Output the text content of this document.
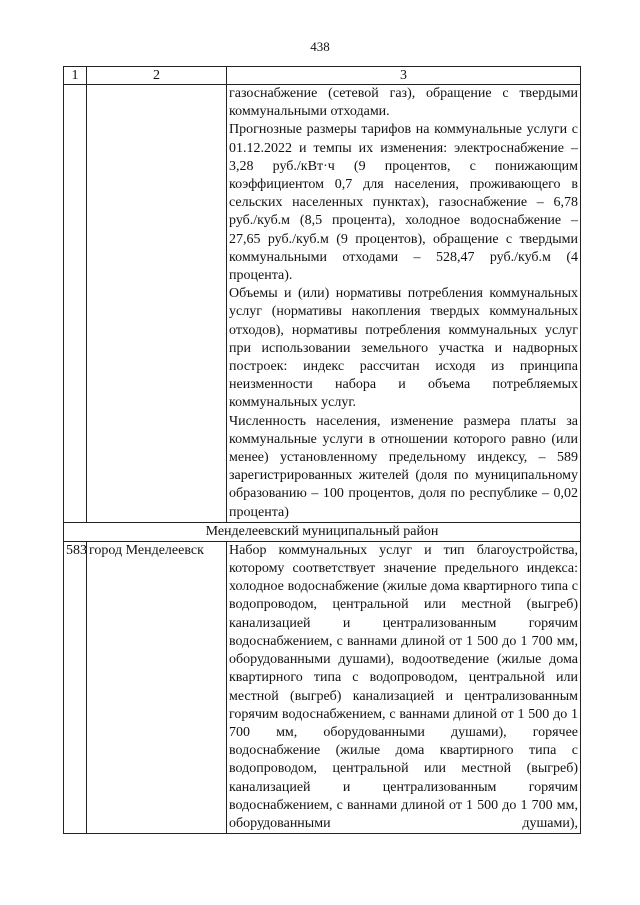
438
1	2	3

		газоснабжение (сетевой газ), обращение с твердыми коммунальными отходами.

Прогнозные размеры тарифов на коммунальные услуги с 01.12.2022 и темпы их изменения: электроснабжение – 3,28 руб./кВт·ч (9 процентов, с понижающим коэффициентом 0,7 для населения, проживающего в сельских населенных пунктах), газоснабжение – 6,78 руб./куб.м (8,5 процента), холодное водоснабжение – 27,65 руб./куб.м (9 процентов), обращение с твердыми коммунальными отходами – 528,47 руб./куб.м (4 процента).

Объемы и (или) нормативы потребления коммунальных услуг (нормативы накопления твердых коммунальных отходов), нормативы потребления коммунальных услуг при использовании земельного участка и надворных построек: индекс рассчитан исходя из принципа неизменности набора и объема потребляемых коммунальных услуг.

Численность населения, изменение размера платы за коммунальные услуги в отношении которого равно (или менее) установленному предельному индексу, – 589 зарегистрированных жителей (доля по муниципальному образованию – 100 процентов, доля по республике – 0,02 процента)

Менделеевский муниципальный район		
583	город Менделеевск	Набор коммунальных услуг и тип благоустройства, которому соответствует значение предельного индекса: холодное водоснабжение (жилые дома квартирного типа с водопроводом, центральной или местной (выгреб) канализацией и централизованным горячим водоснабжением, с ваннами длиной от 1 500 до 1 700 мм, оборудованными душами), водоотведение (жилые дома квартирного типа с водопроводом, центральной или местной (выгреб) канализацией и централизованным горячим водоснабжением, с ваннами длиной от 1 500 до 1 700 мм, оборудованными душами), горячее водоснабжение (жилые дома квартирного типа с водопроводом, центральной или местной (выгреб) канализацией и централизованным горячим водоснабжением, с ваннами длиной от 1 500 до 1 700 мм, оборудованными душами),
